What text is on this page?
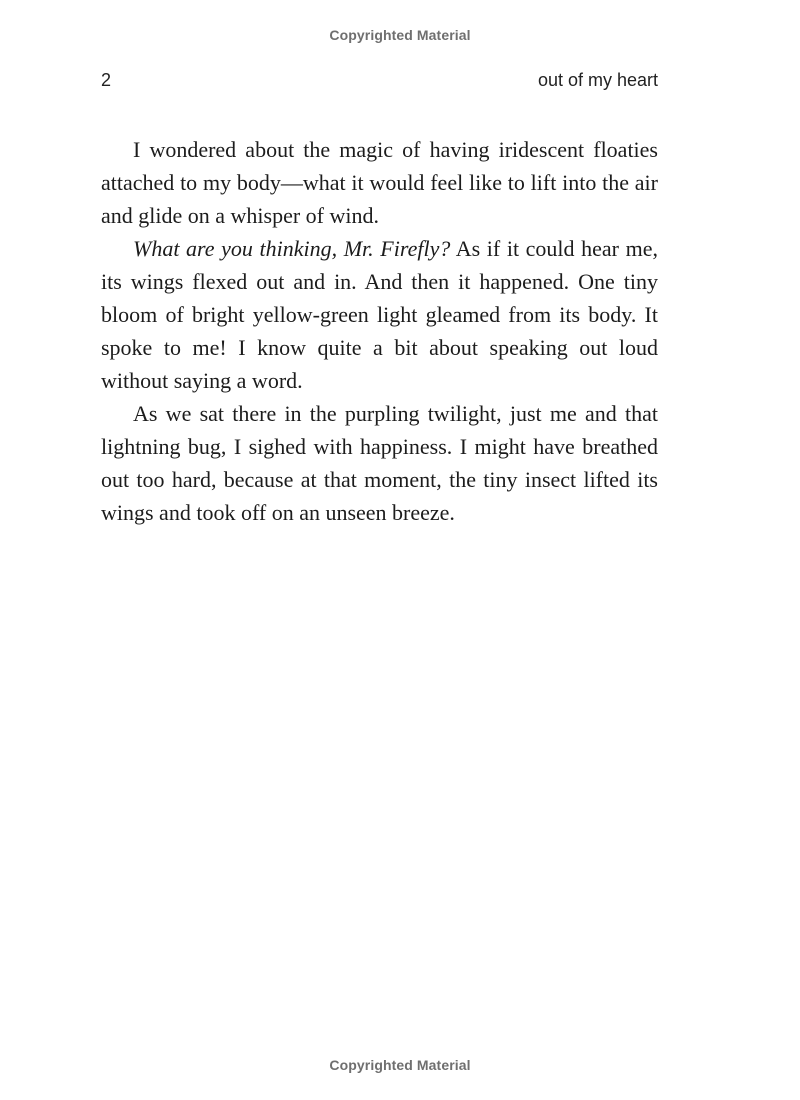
Copyrighted Material
2	out of my heart

I wondered about the magic of having iridescent floaties attached to my body—what it would feel like to lift into the air and glide on a whisper of wind.

What are you thinking, Mr. Firefly? As if it could hear me, its wings flexed out and in. And then it happened. One tiny bloom of bright yellow-green light gleamed from its body. It spoke to me! I know quite a bit about speaking out loud without saying a word.

As we sat there in the purpling twilight, just me and that lightning bug, I sighed with happiness. I might have breathed out too hard, because at that moment, the tiny insect lifted its wings and took off on an unseen breeze.

Copyrighted Material
